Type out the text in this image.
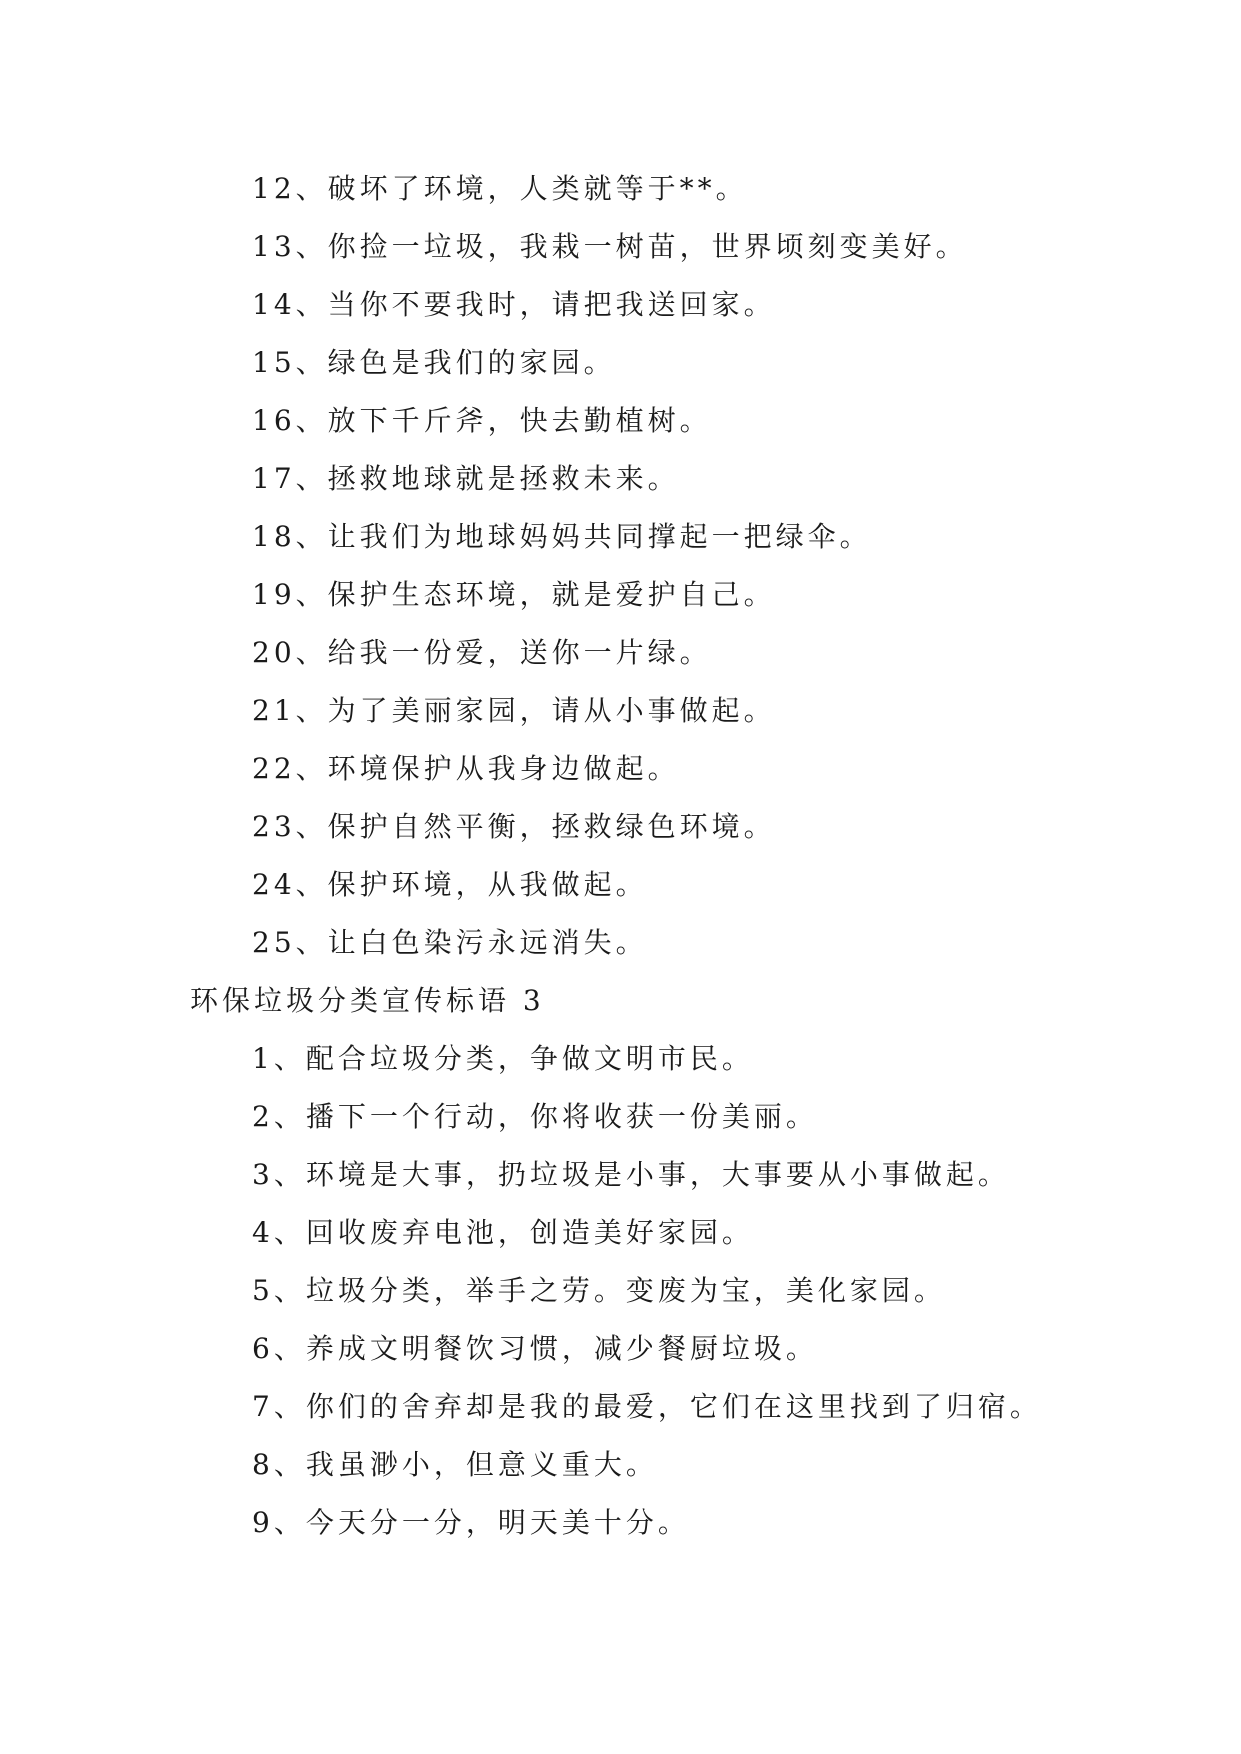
12、破坏了环境，人类就等于**。
13、你捡一垃圾，我栽一树苗，世界顷刻变美好。
14、当你不要我时，请把我送回家。
15、绿色是我们的家园。
16、放下千斤斧，快去勤植树。
17、拯救地球就是拯救未来。
18、让我们为地球妈妈共同撑起一把绿伞。
19、保护生态环境，就是爱护自己。
20、给我一份爱，送你一片绿。
21、为了美丽家园，请从小事做起。
22、环境保护从我身边做起。
23、保护自然平衡，拯救绿色环境。
24、保护环境，从我做起。
25、让白色染污永远消失。
环保垃圾分类宣传标语 3
1、配合垃圾分类，争做文明市民。
2、播下一个行动，你将收获一份美丽。
3、环境是大事，扔垃圾是小事，大事要从小事做起。
4、回收废弃电池，创造美好家园。
5、垃圾分类，举手之劳。变废为宝，美化家园。
6、养成文明餐饮习惯，减少餐厨垃圾。
7、你们的舍弃却是我的最爱，它们在这里找到了归宿。
8、我虽渺小，但意义重大。
9、今天分一分，明天美十分。
